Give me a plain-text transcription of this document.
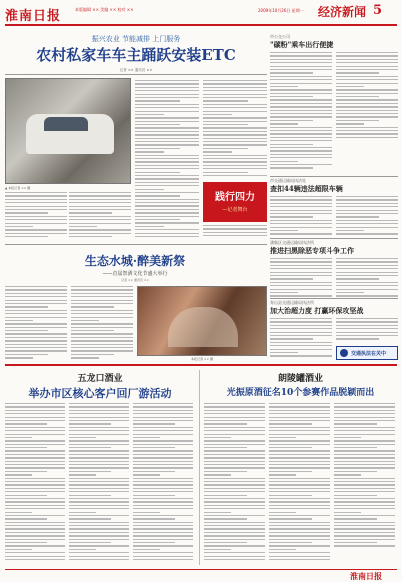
淮南日报	本版编辑 ×× 美编 ×× 校对 ××	2009年10月26日 星期一 经济新闻 5
振兴农业 节能减排 上门服务
农村私家车车主踊跃安装ETC
记者 ×× 通讯员 ××
▲ 本报记者 ×× 摄
践行四力
—记者舞台
市公交公司
"碳粉"乘车出行便捷
市交通运输局执法处
查扣44辆违法超限车辆
潘集区交通运输局执法所
推进扫黑除恶专项斗争工作
寿山县交通运输局执法所
加大治超力度 打赢环保攻坚战
交通执法在关中
生态水城·醉美新祭
——首届祭酒文化节盛大举行
记者 ×× 通讯员 ××
本报记者 ×× 摄
五龙口酒业
举办市区核心客户回厂游活动
朗陵罐酒业
光振原酒征名10个参赛作品脱颖而出
淮南日报
